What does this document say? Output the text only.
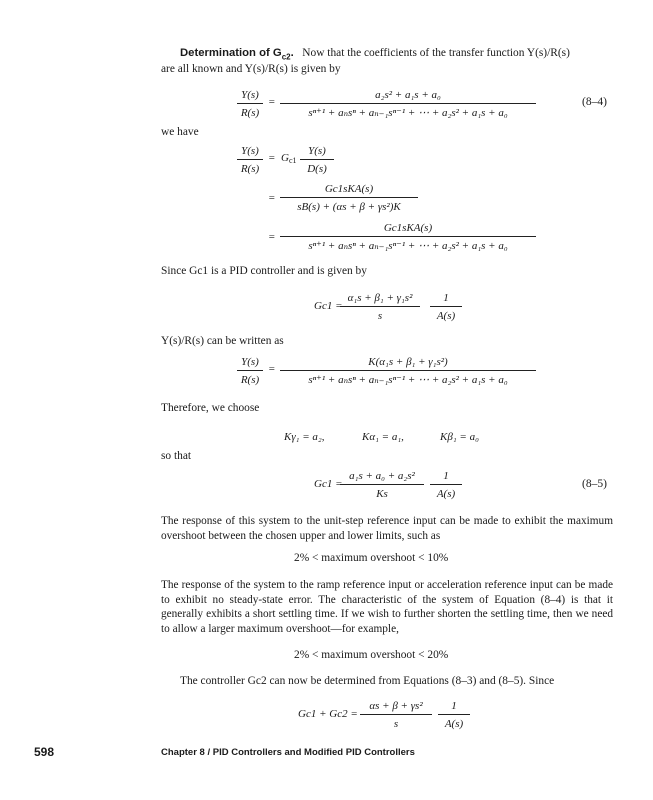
Determination of $G_{c2}$. Now that the coefficients of the transfer function Y(s)/R(s)
are all known and Y(s)/R(s) is given by
Y(s)
R(s)
=
a₂s² + a₁s + a₀
sⁿ⁺¹ + aₙsⁿ + aₙ₋₁sⁿ⁻¹ + ⋯ + a₂s² + a₁s + a₀
(8–4)
we have
Y(s)
R(s)
= $G_{c1}$
Y(s)
D(s)
=
Gc1sKA(s)
sB(s) + (αs + β + γs²)K
=
Gc1sKA(s)
sⁿ⁺¹ + aₙsⁿ + aₙ₋₁sⁿ⁻¹ + ⋯ + a₂s² + a₁s + a₀
Since Gc1 is a PID controller and is given by
Gc1 =
α₁s + β₁ + γ₁s²
s
1
A(s)
Y(s)/R(s) can be written as
Y(s)
R(s)
=
K(α₁s + β₁ + γ₁s²)
sⁿ⁺¹ + aₙsⁿ + aₙ₋₁sⁿ⁻¹ + ⋯ + a₂s² + a₁s + a₀
Therefore, we choose
Kγ₁ = a₂,	Kα₁ = a₁,	Kβ₁ = a₀
so that
Gc1 =
a₁s + a₀ + a₂s²
Ks
1
A(s)
(8–5)
The response of this system to the unit-step reference input can be made to exhibit the maximum overshoot between the chosen upper and lower limits, such as
2% < maximum overshoot < 10%
The response of the system to the ramp reference input or acceleration reference input can be made to exhibit no steady-state error. The characteristic of the system of Equation (8–4) is that it generally exhibits a short settling time. If we wish to further shorten the settling time, then we need to allow a larger maximum overshoot—for example,
2% < maximum overshoot < 20%
The controller Gc2 can now be determined from Equations (8–3) and (8–5). Since
Gc1 + Gc2 =
αs + β + γs²
s
1
A(s)
598	Chapter 8 / PID Controllers and Modified PID Controllers
